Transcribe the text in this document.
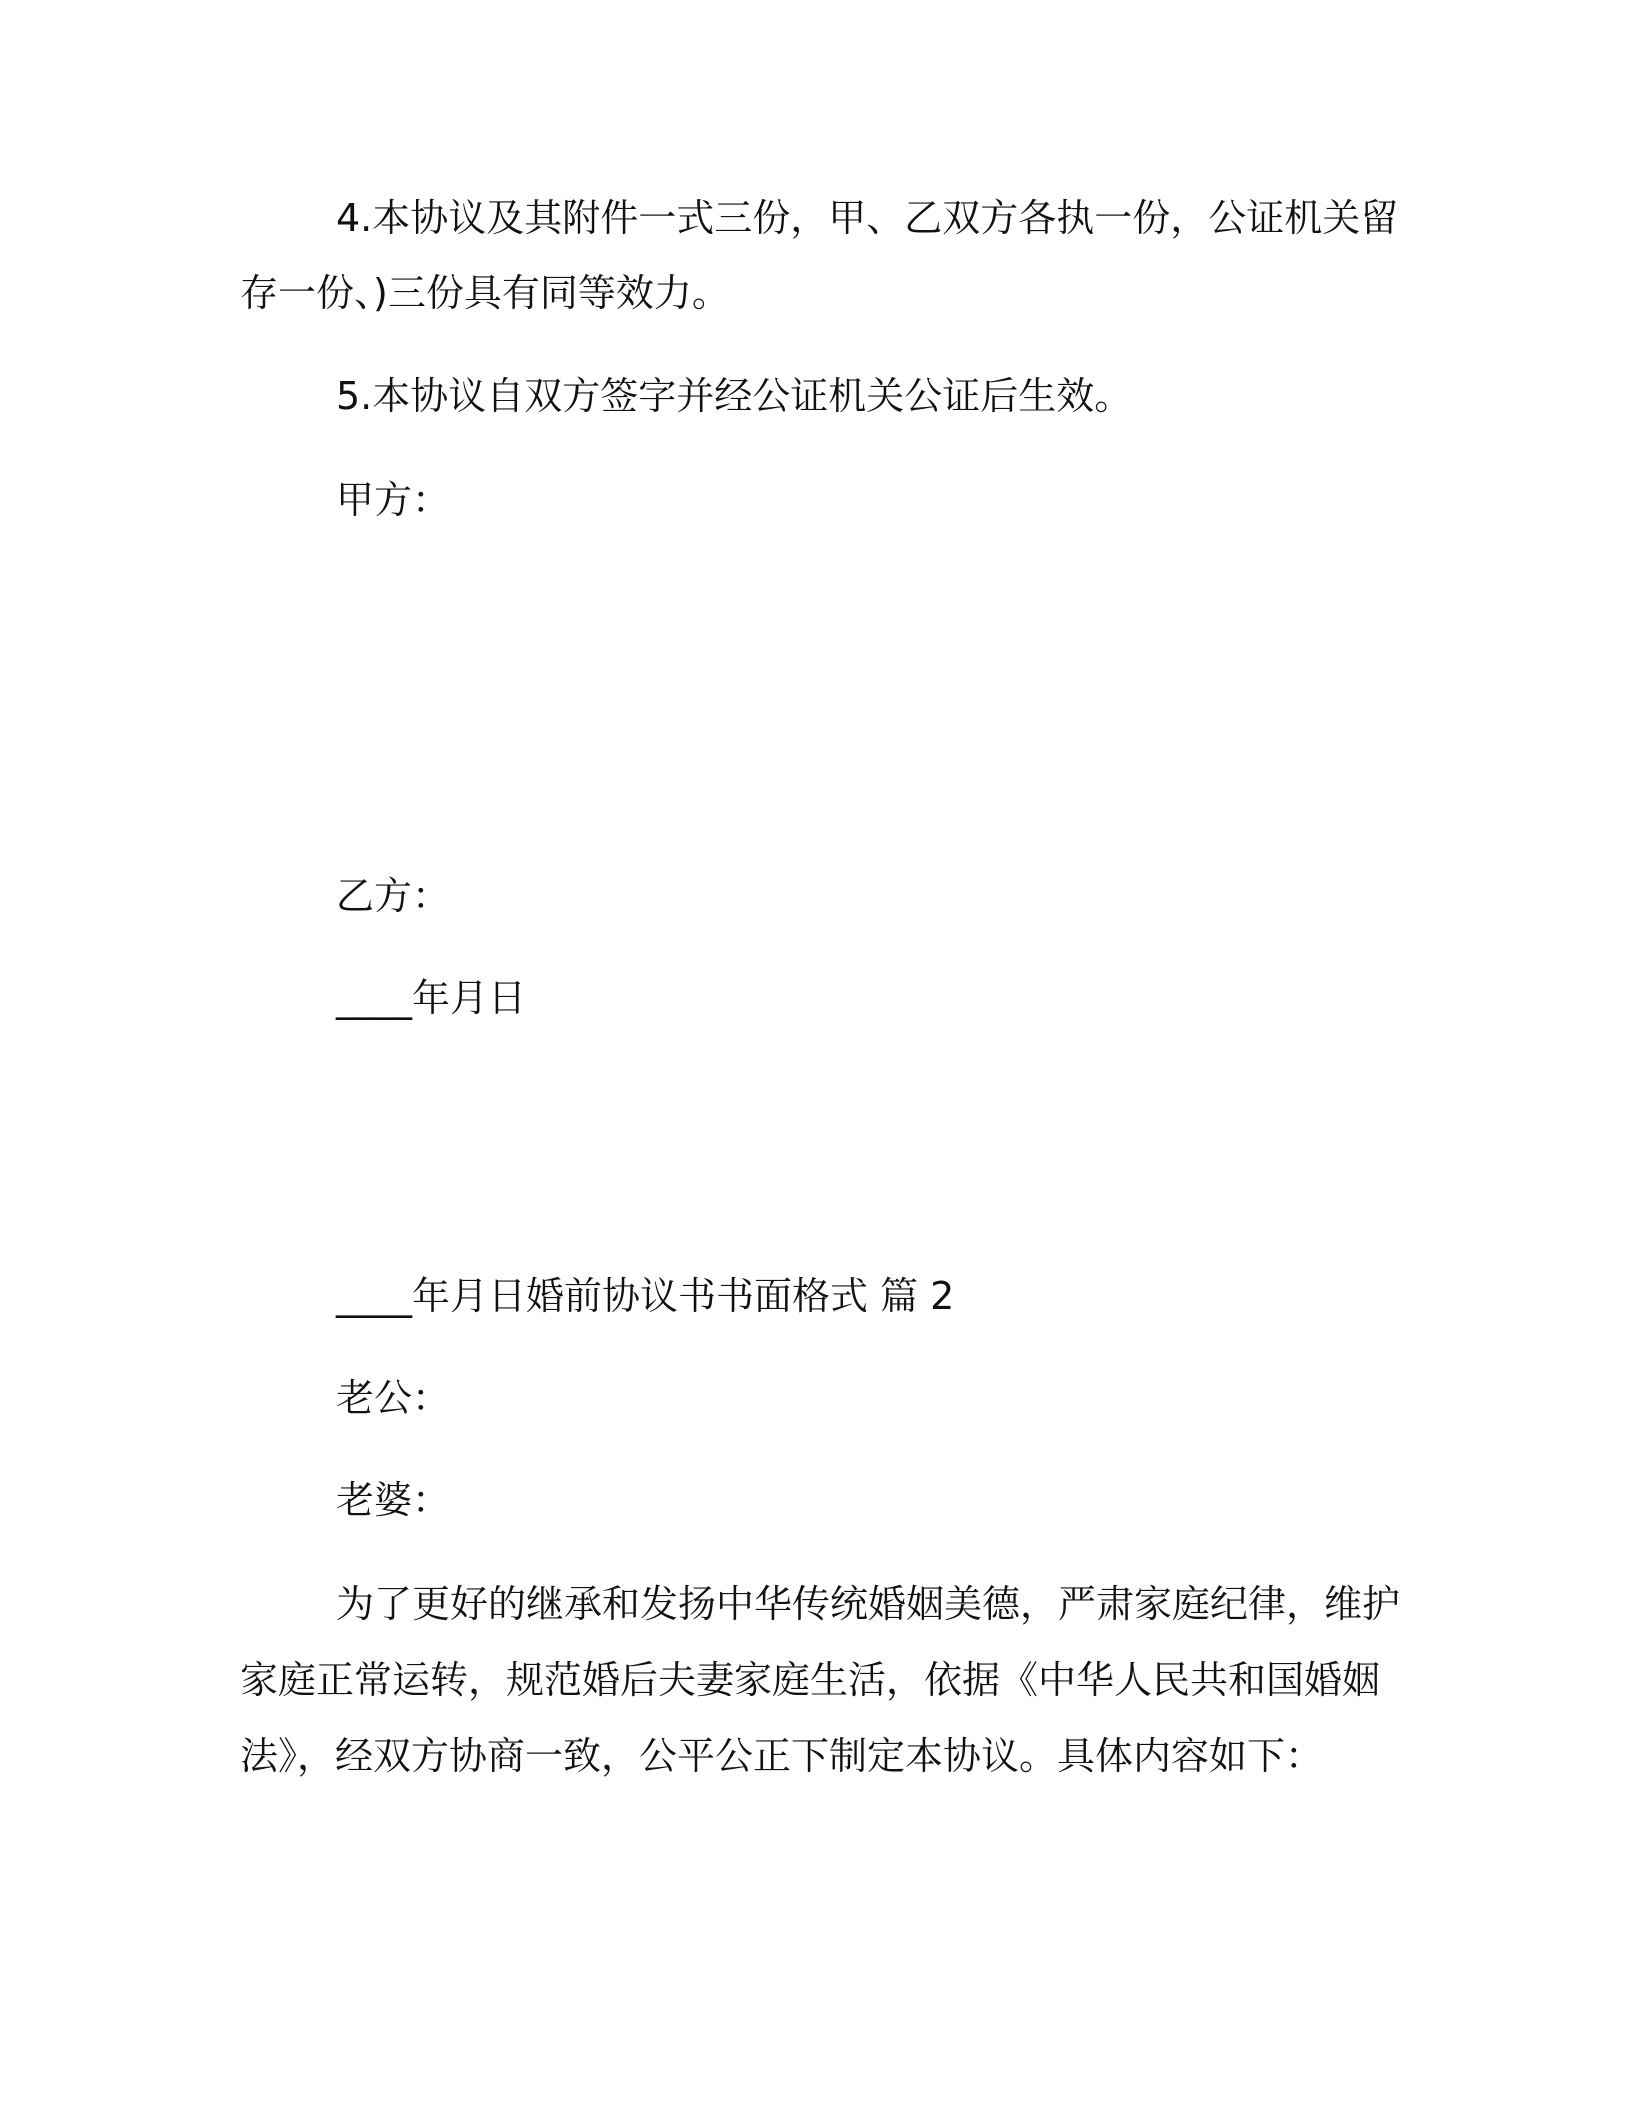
4.本协议及其附件一式三份，甲、乙双方各执一份，公证机关留

存一份、)三份具有同等效力。

5.本协议自双方签字并经公证机关公证后生效。

甲方：

乙方：

____年月日

____年月日婚前协议书书面格式 篇 2

老公：

老婆：

为了更好的继承和发扬中华传统婚姻美德，严肃家庭纪律，维护

家庭正常运转，规范婚后夫妻家庭生活，依据《中华人民共和国婚姻

法》，经双方协商一致，公平公正下制定本协议。具体内容如下：
